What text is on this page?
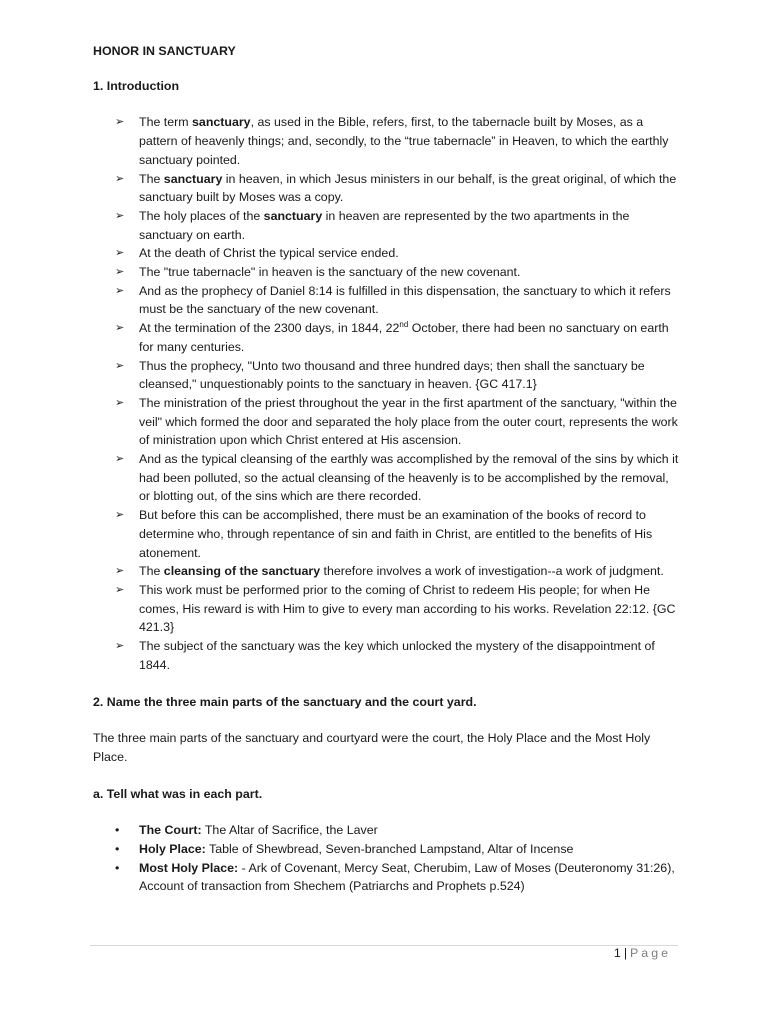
HONOR IN SANCTUARY

1. Introduction

➢	The term sanctuary, as used in the Bible, refers, first, to the tabernacle built by Moses, as a pattern of heavenly things; and, secondly, to the “true tabernacle” in Heaven, to which the earthly sanctuary pointed.
➢	The sanctuary in heaven, in which Jesus ministers in our behalf, is the great original, of which the sanctuary built by Moses was a copy.
➢	The holy places of the sanctuary in heaven are represented by the two apartments in the sanctuary on earth.
➢	At the death of Christ the typical service ended.
➢	The "true tabernacle" in heaven is the sanctuary of the new covenant.
➢	And as the prophecy of Daniel 8:14 is fulfilled in this dispensation, the sanctuary to which it refers must be the sanctuary of the new covenant.
➢	At the termination of the 2300 days, in 1844, 22nd October, there had been no sanctuary on earth for many centuries.
➢	Thus the prophecy, "Unto two thousand and three hundred days; then shall the sanctuary be cleansed," unquestionably points to the sanctuary in heaven. {GC 417.1}
➢	The ministration of the priest throughout the year in the first apartment of the sanctuary, "within the veil" which formed the door and separated the holy place from the outer court, represents the work of ministration upon which Christ entered at His ascension.
➢	And as the typical cleansing of the earthly was accomplished by the removal of the sins by which it had been polluted, so the actual cleansing of the heavenly is to be accomplished by the removal, or blotting out, of the sins which are there recorded.
➢	But before this can be accomplished, there must be an examination of the books of record to determine who, through repentance of sin and faith in Christ, are entitled to the benefits of His atonement.
➢	The cleansing of the sanctuary therefore involves a work of investigation--a work of judgment.
➢	This work must be performed prior to the coming of Christ to redeem His people; for when He comes, His reward is with Him to give to every man according to his works. Revelation 22:12. {GC 421.3}
➢	The subject of the sanctuary was the key which unlocked the mystery of the disappointment of 1844.

2. Name the three main parts of the sanctuary and the court yard.

The three main parts of the sanctuary and courtyard were the court, the Holy Place and the Most Holy Place.

a. Tell what was in each part.

• The Court: The Altar of Sacrifice, the Laver
• Holy Place: Table of Shewbread, Seven-branched Lampstand, Altar of Incense
• Most Holy Place: - Ark of Covenant, Mercy Seat, Cherubim, Law of Moses (Deuteronomy 31:26), Account of transaction from Shechem (Patriarchs and Prophets p.524)
1 | Page
